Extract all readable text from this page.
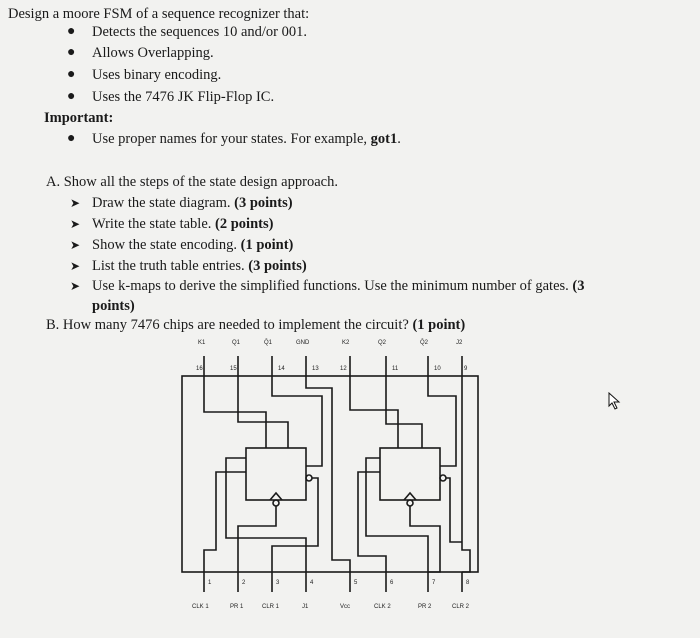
Design a moore FSM of a sequence recognizer that:
● Detects the sequences 10 and/or 001.
● Allows Overlapping.
● Uses binary encoding.
● Uses the 7476 JK Flip-Flop IC.
Important:
● Use proper names for your states. For example, got1.
A. Show all the steps of the state design approach.
➤ Draw the state diagram. (3 points)
➤ Write the state table. (2 points)
➤ Show the state encoding. (1 point)
➤ List the truth table entries. (3 points)
➤ Use k-maps to derive the simplified functions. Use the minimum number of gates. (3
points)
B. How many 7476 chips are needed to implement the circuit? (1 point)
16	15	14	13	12	11	10	9
K1	Q1	Q̄1	GND	K2	Q2	Q̄2	J2
1	2	3	4	5	6	7	8
CLK 1	PR 1	CLR 1	J1	Vcc	CLK 2	PR 2	CLR 2
